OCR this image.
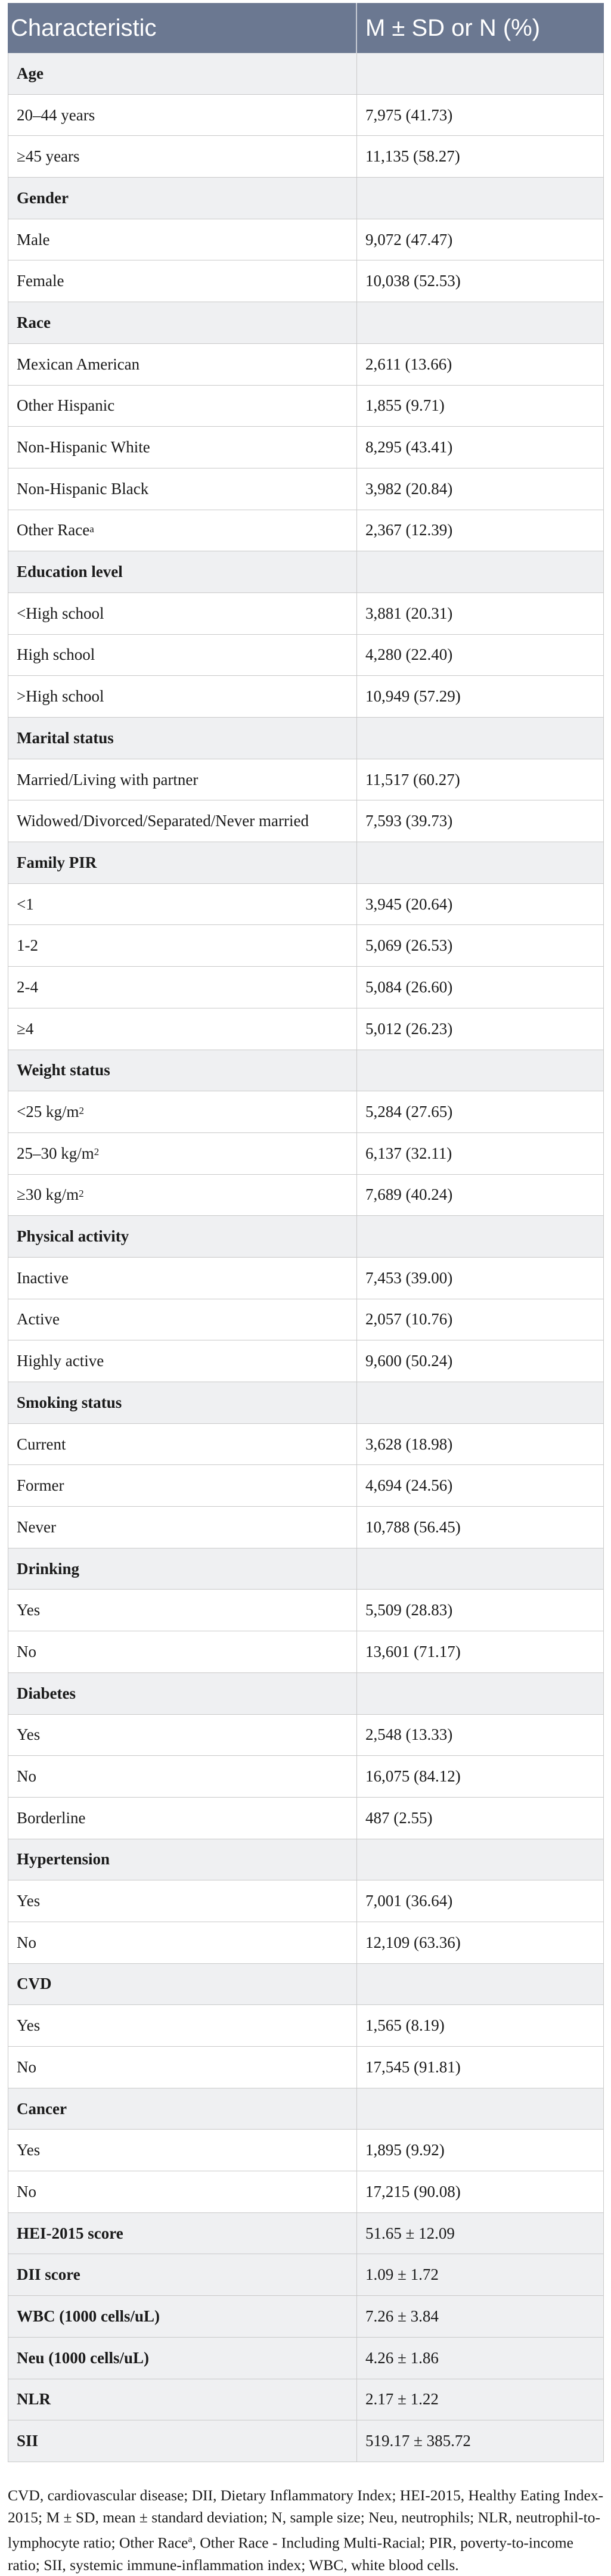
Characteristic	M ± SD or N (%)
Age
20–44 years	7,975 (41.73)
≥45 years	11,135 (58.27)
Gender
Male	9,072 (47.47)
Female	10,038 (52.53)
Race
Mexican American	2,611 (13.66)
Other Hispanic	1,855 (9.71)
Non-Hispanic White	8,295 (43.41)
Non-Hispanic Black	3,982 (20.84)
Other Race$^a$	2,367 (12.39)
Education level
<High school	3,881 (20.31)
High school	4,280 (22.40)
>High school	10,949 (57.29)
Marital status
Married/Living with partner	11,517 (60.27)
Widowed/Divorced/Separated/Never married	7,593 (39.73)
Family PIR
<1	3,945 (20.64)
1-2	5,069 (26.53)
2-4	5,084 (26.60)
≥4	5,012 (26.23)
Weight status
<25 $kg/m^2$	5,284 (27.65)
25–30 $kg/m^2$	6,137 (32.11)
≥30 $kg/m^2$	7,689 (40.24)
Physical activity
Inactive	7,453 (39.00)
Active	2,057 (10.76)
Highly active	9,600 (50.24)
Smoking status
Current	3,628 (18.98)
Former	4,694 (24.56)
Never	10,788 (56.45)
Drinking
Yes	5,509 (28.83)
No	13,601 (71.17)
Diabetes
Yes	2,548 (13.33)
No	16,075 (84.12)
Borderline	487 (2.55)
Hypertension
Yes	7,001 (36.64)
No	12,109 (63.36)
CVD
Yes	1,565 (8.19)
No	17,545 (91.81)
Cancer
Yes	1,895 (9.92)
No	17,215 (90.08)
HEI-2015 score	51.65 ± 12.09
DII score	1.09 ± 1.72
WBC (1000 cells/uL)	7.26 ± 3.84
Neu (1000 cells/uL)	4.26 ± 1.86
NLR	2.17 ± 1.22
SII	519.17 ± 385.72
CVD, cardiovascular disease; DII, Dietary Inflammatory Index; HEI-2015, Healthy Eating Index-2015; M ± SD, mean ± standard deviation; N, sample size; Neu, neutrophils; NLR, neutrophil-to-lymphocyte ratio; Other Race$^a$, Other Race - Including Multi-Racial; PIR, poverty-to-income ratio; SII, systemic immune-inflammation index; WBC, white blood cells.
